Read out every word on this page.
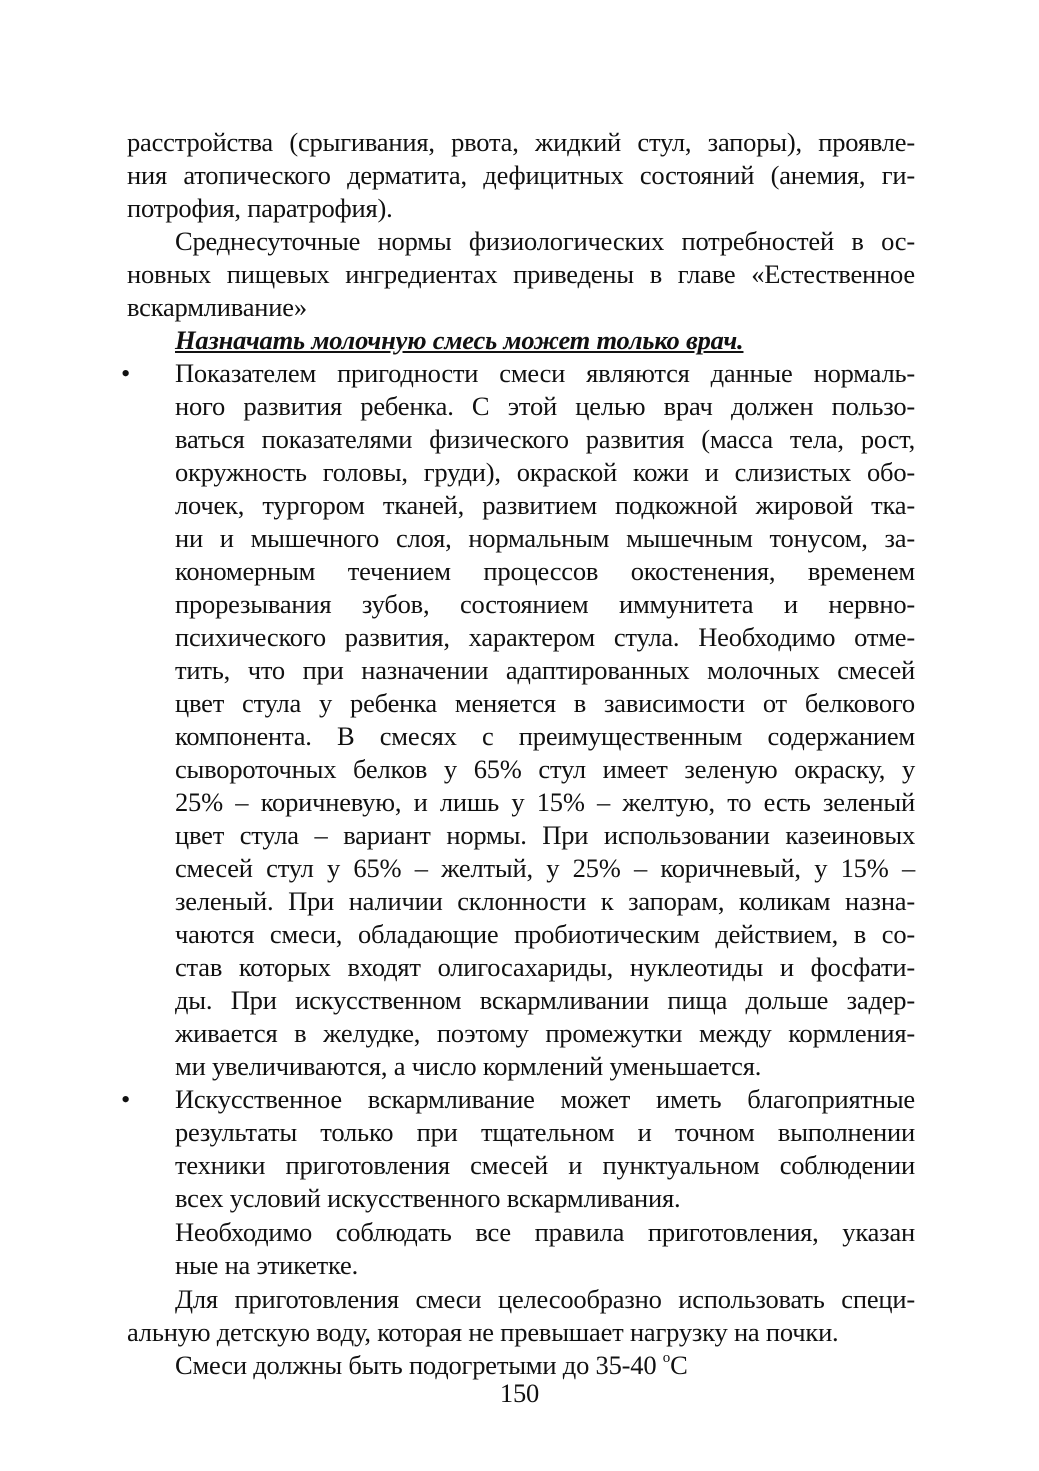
расстройства (срыгивания, рвота, жидкий стул, запоры), проявле-
ния атопического дерматита, дефицитных состояний (анемия, ги-
потрофия, паратрофия).
Среднесуточные нормы физиологических потребностей в ос-
новных пищевых ингредиентах приведены в главе «Естественное
вскармливание»
Назначать молочную смесь может только врач.
• Показателем пригодности смеси являются данные нормаль-
ного развития ребенка. С этой целью врач должен пользо-
ваться показателями физического развития (масса тела, рост,
окружность головы, груди), окраской кожи и слизистых обо-
лочек, тургором тканей, развитием подкожной жировой тка-
ни и мышечного слоя, нормальным мышечным тонусом, за-
кономерным течением процессов окостенения, временем
прорезывания зубов, состоянием иммунитета и нервно-
психического развития, характером стула. Необходимо отме-
тить, что при назначении адаптированных молочных смесей
цвет стула у ребенка меняется в зависимости от белкового
компонента. В смесях с преимущественным содержанием
сывороточных белков у 65% стул имеет зеленую окраску, у
25% – коричневую, и лишь у 15% – желтую, то есть зеленый
цвет стула – вариант нормы. При использовании казеиновых
смесей стул у 65% – желтый, у 25% – коричневый, у 15% –
зеленый. При наличии склонности к запорам, коликам назна-
чаются смеси, обладающие пробиотическим действием, в со-
став которых входят олигосахариды, нуклеотиды и фосфати-
ды. При искусственном вскармливании пища дольше задер-
живается в желудке, поэтому промежутки между кормления-
ми увеличиваются, а число кормлений уменьшается.
• Искусственное вскармливание может иметь благоприятные
результаты только при тщательном и точном выполнении
техники приготовления смесей и пунктуальном соблюдении
всех условий искусственного вскармливания.
Необходимо соблюдать все правила приготовления, указан
ные на этикетке.
Для приготовления смеси целесообразно использовать специ-
альную детскую воду, которая не превышает нагрузку на почки.
Смеси должны быть подогретыми до 35-40 $^o$C
150
